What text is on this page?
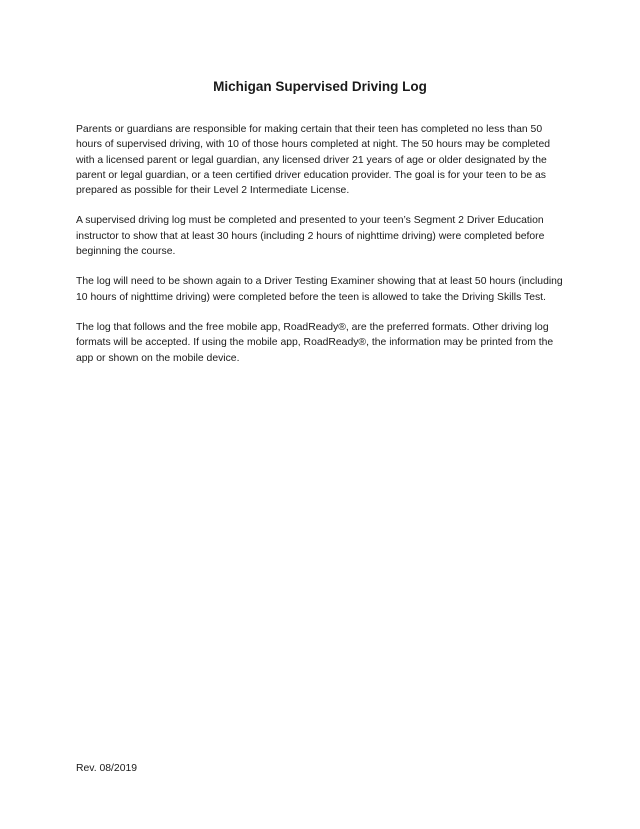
Michigan Supervised Driving Log

Parents or guardians are responsible for making certain that their teen has completed no less than 50 hours of supervised driving, with 10 of those hours completed at night. The 50 hours may be completed with a licensed parent or legal guardian, any licensed driver 21 years of age or older designated by the parent or legal guardian, or a teen certified driver education provider. The goal is for your teen to be as prepared as possible for their Level 2 Intermediate License.

A supervised driving log must be completed and presented to your teen’s Segment 2 Driver Education instructor to show that at least 30 hours (including 2 hours of nighttime driving) were completed before beginning the course.

The log will need to be shown again to a Driver Testing Examiner showing that at least 50 hours (including 10 hours of nighttime driving) were completed before the teen is allowed to take the Driving Skills Test.

The log that follows and the free mobile app, RoadReady®, are the preferred formats. Other driving log formats will be accepted. If using the mobile app, RoadReady®, the information may be printed from the app or shown on the mobile device.

Rev. 08/2019
